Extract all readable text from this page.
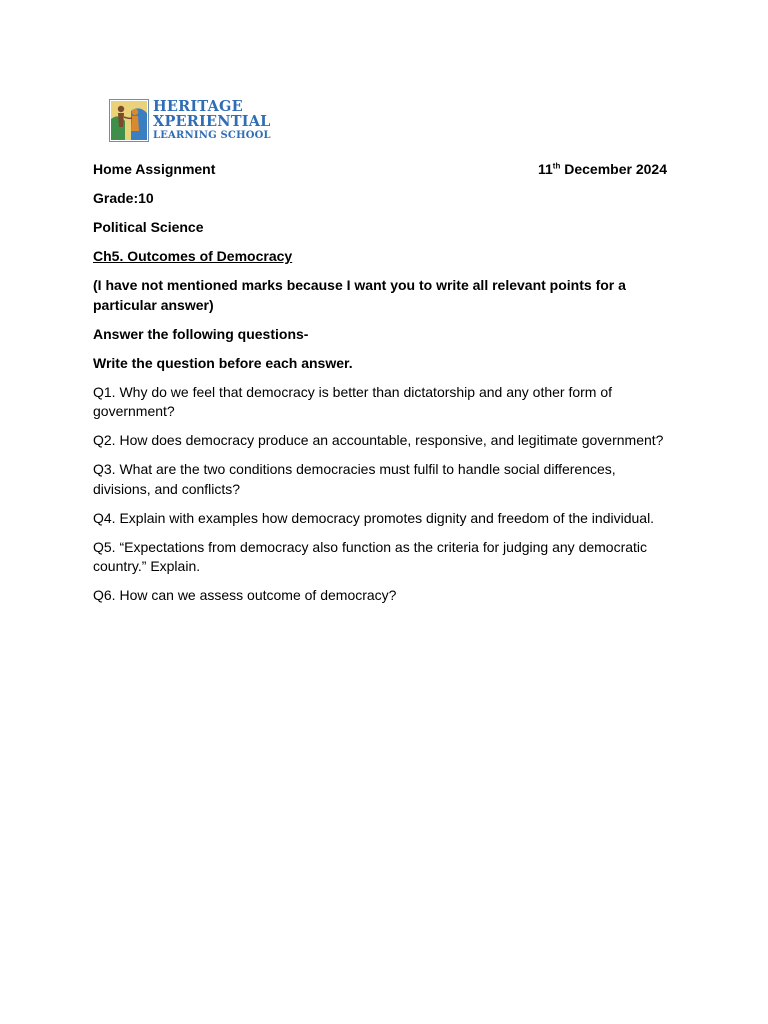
HERITAGE
XPERIENTIAL
LEARNING SCHOOL
Home Assignment	11th December 2024
Grade:10
Political Science
Ch5. Outcomes of Democracy
(I have not mentioned marks because I want you to write all relevant points for a particular answer)
Answer the following questions-
Write the question before each answer.
Q1. Why do we feel that democracy is better than dictatorship and any other form of government?
Q2. How does democracy produce an accountable, responsive, and legitimate government?
Q3. What are the two conditions democracies must fulfil to handle social differences, divisions, and conflicts?
Q4. Explain with examples how democracy promotes dignity and freedom of the individual.
Q5. “Expectations from democracy also function as the criteria for judging any democratic country.” Explain.
Q6. How can we assess outcome of democracy?
